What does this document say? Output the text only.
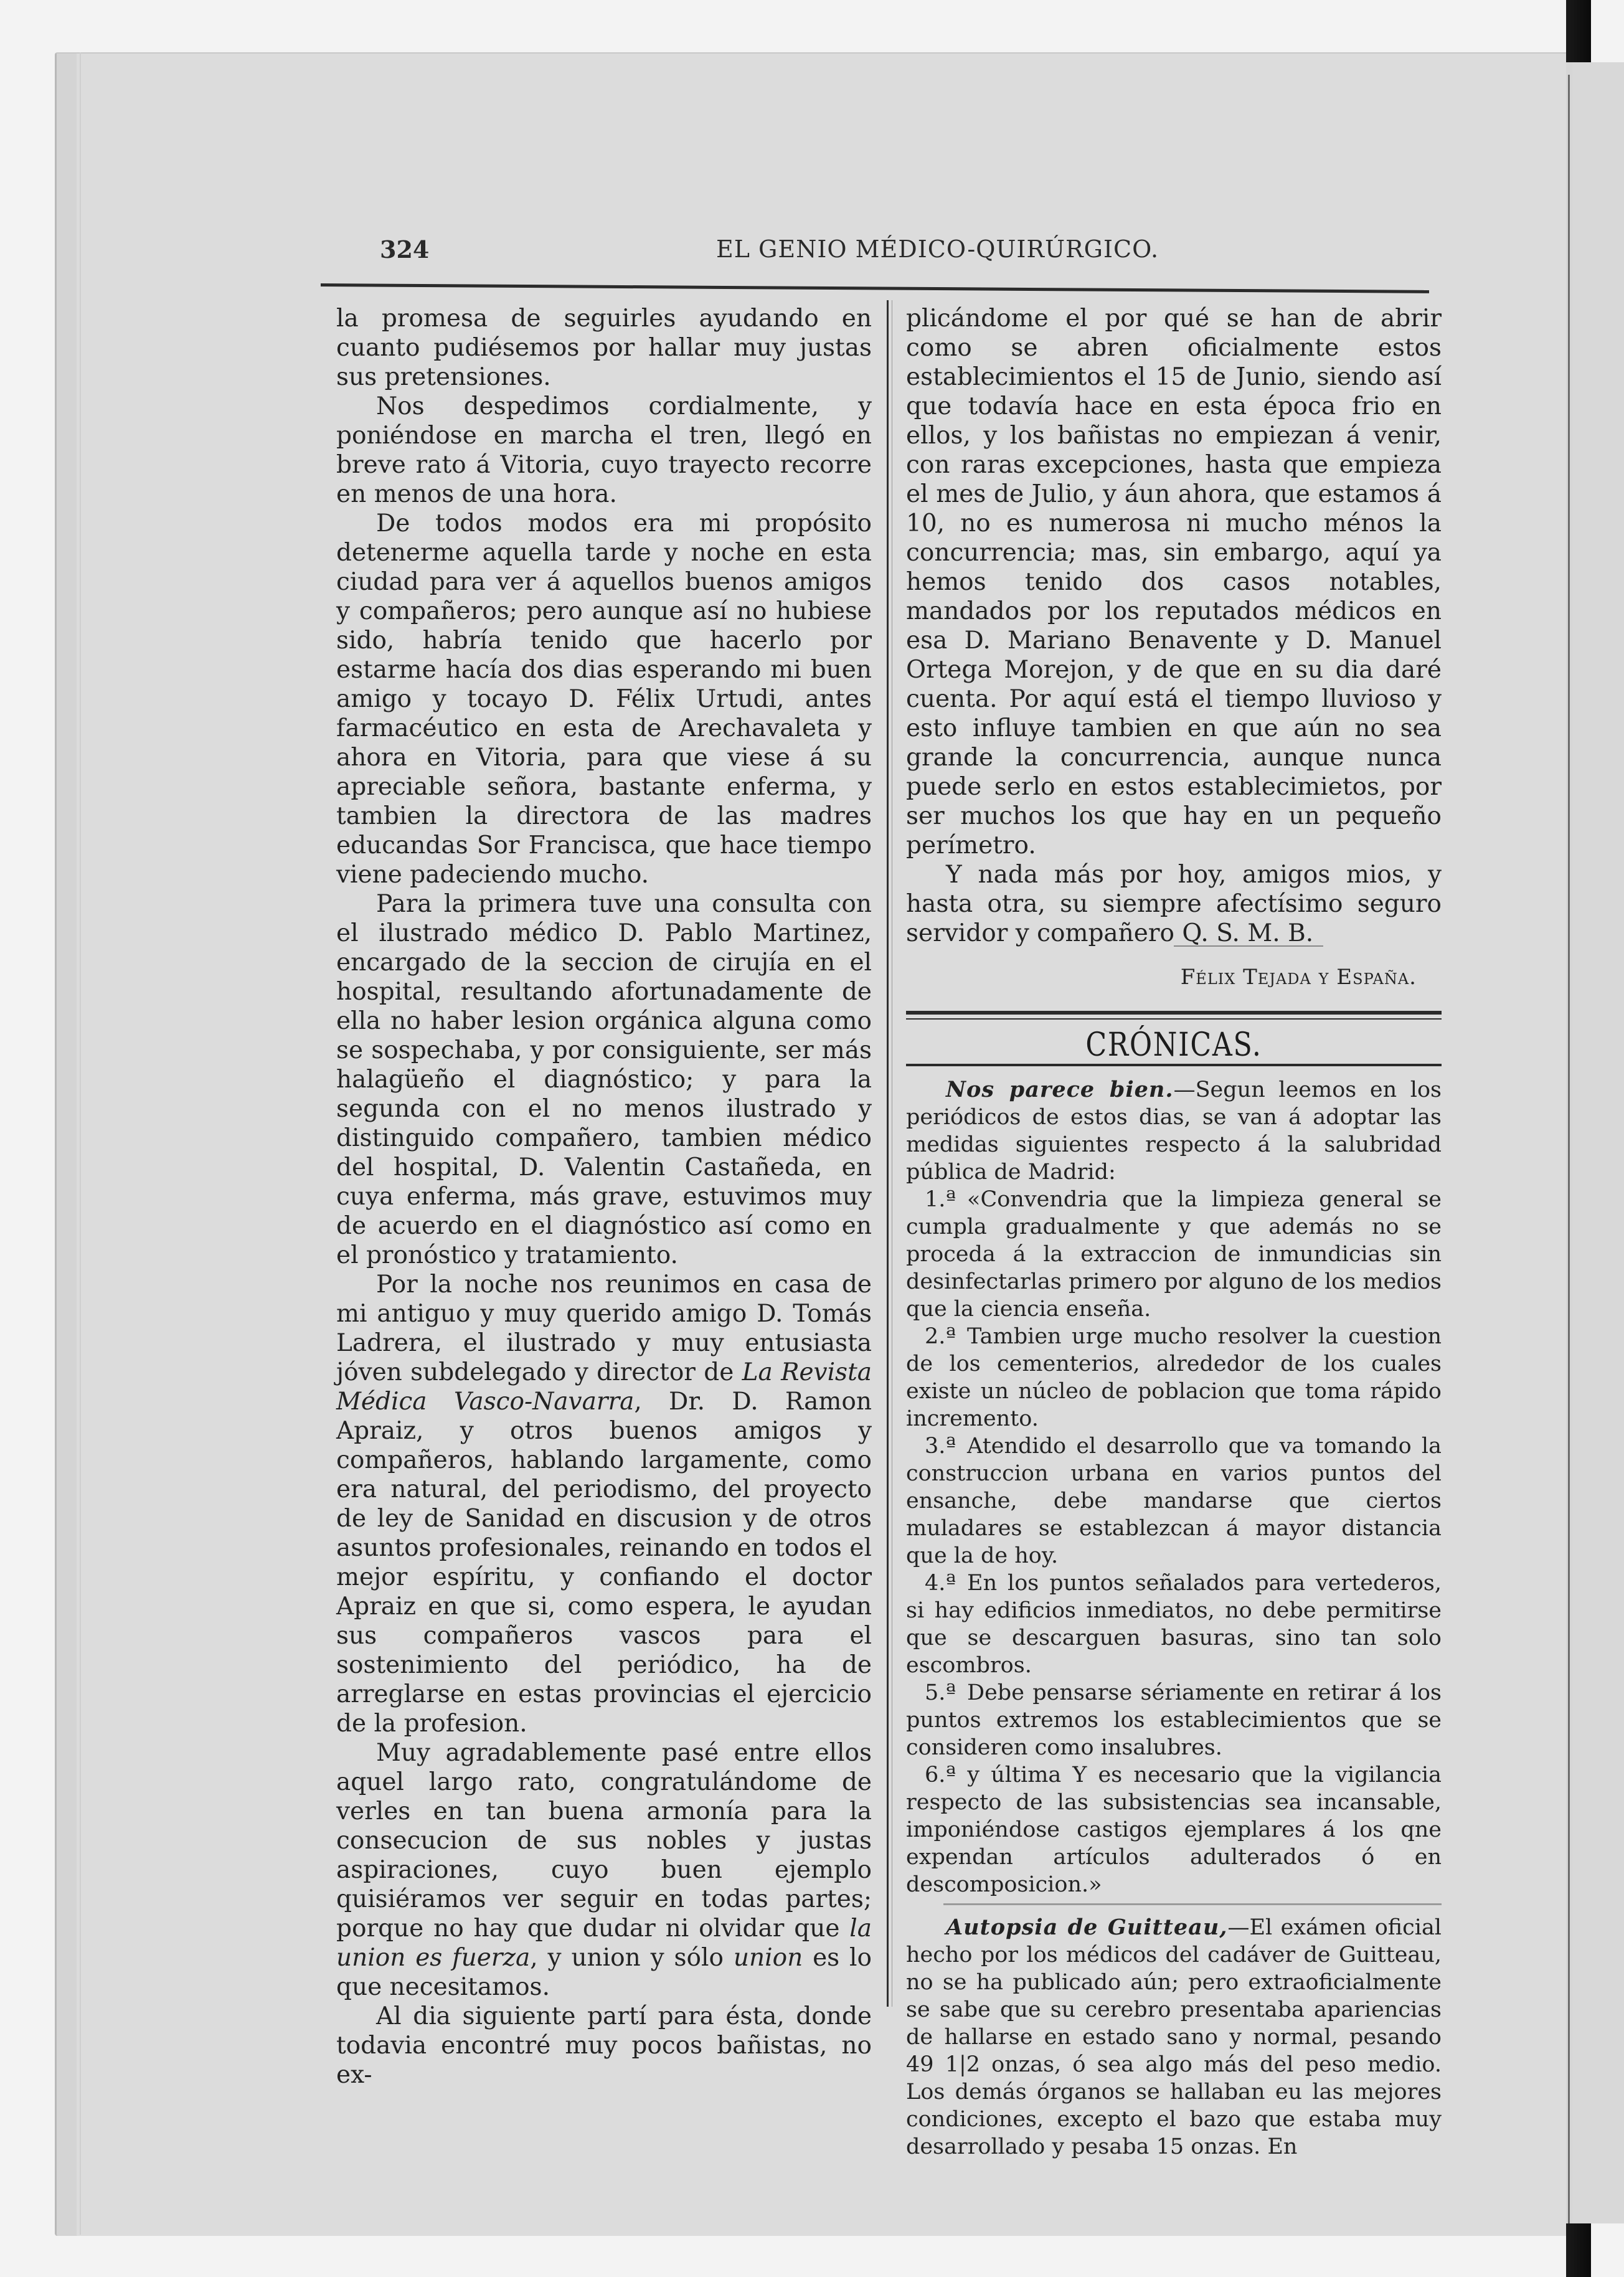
324	EL GENIO MÉDICO-QUIRÚRGICO.

la promesa de seguirles ayudando en cuanto pudiésemos por hallar muy justas sus pretensiones.

Nos despedimos cordialmente, y poniéndose en marcha el tren, llegó en breve rato á Vitoria, cuyo trayecto recorre en menos de una hora.

De todos modos era mi propósito detenerme aquella tarde y noche en esta ciudad para ver á aquellos buenos amigos y compañeros; pero aunque así no hubiese sido, habría tenido que hacerlo por estarme hacía dos dias esperando mi buen amigo y tocayo D. Félix Urtudi, antes farmacéutico en esta de Arechavaleta y ahora en Vitoria, para que viese á su apreciable señora, bastante enferma, y tambien la directora de las madres educandas Sor Francisca, que hace tiempo viene padeciendo mucho.

Para la primera tuve una consulta con el ilustrado médico D. Pablo Martinez, encargado de la seccion de cirujía en el hospital, resultando afortunadamente de ella no haber lesion orgánica alguna como se sospechaba, y por consiguiente, ser más halagüeño el diagnóstico; y para la segunda con el no menos ilustrado y distinguido compañero, tambien médico del hospital, D. Valentin Castañeda, en cuya enferma, más grave, estuvimos muy de acuerdo en el diagnóstico así como en el pronóstico y tratamiento.

Por la noche nos reunimos en casa de mi antiguo y muy querido amigo D. Tomás Ladrera, el ilustrado y muy entusiasta jóven subdelegado y director de La Revista Médica Vasco-Navarra, Dr. D. Ramon Apraiz, y otros buenos amigos y compañeros, hablando largamente, como era natural, del periodismo, del proyecto de ley de Sanidad en discusion y de otros asuntos profesionales, reinando en todos el mejor espíritu, y confiando el doctor Apraiz en que si, como espera, le ayudan sus compañeros vascos para el sostenimiento del periódico, ha de arreglarse en estas provincias el ejercicio de la profesion.

Muy agradablemente pasé entre ellos aquel largo rato, congratulándome de verles en tan buena armonía para la consecucion de sus nobles y justas aspiraciones, cuyo buen ejemplo quisiéramos ver seguir en todas partes; porque no hay que dudar ni olvidar que la union es fuerza, y union y sólo union es lo que necesitamos.

Al dia siguiente partí para ésta, donde todavia encontré muy pocos bañistas, no ex-

plicándome el por qué se han de abrir como se abren oficialmente estos establecimientos el 15 de Junio, siendo así que todavía hace en esta época frio en ellos, y los bañistas no empiezan á venir, con raras excepciones, hasta que empieza el mes de Julio, y áun ahora, que estamos á 10, no es numerosa ni mucho ménos la concurrencia; mas, sin embargo, aquí ya hemos tenido dos casos notables, mandados por los reputados médicos en esa D. Mariano Benavente y D. Manuel Ortega Morejon, y de que en su dia daré cuenta. Por aquí está el tiempo lluvioso y esto influye tambien en que aún no sea grande la concurrencia, aunque nunca puede serlo en estos establecimietos, por ser muchos los que hay en un pequeño perímetro.

Y nada más por hoy, amigos mios, y hasta otra, su siempre afectísimo seguro servidor y compañero Q. S. M. B.

Félix Tejada y España.
CRÓNICAS.

Nos parece bien.—Segun leemos en los periódicos de estos dias, se van á adoptar las medidas siguientes respecto á la salubridad pública de Madrid:

1.ª «Convendria que la limpieza general se cumpla gradualmente y que además no se proceda á la extraccion de inmundicias sin desinfectarlas primero por alguno de los medios que la ciencia enseña.

2.ª Tambien urge mucho resolver la cuestion de los cementerios, alrededor de los cuales existe un núcleo de poblacion que toma rápido incremento.

3.ª Atendido el desarrollo que va tomando la construccion urbana en varios puntos del ensanche, debe mandarse que ciertos muladares se establezcan á mayor distancia que la de hoy.

4.ª En los puntos señalados para vertederos, si hay edificios inmediatos, no debe permitirse que se descarguen basuras, sino tan solo escombros.

5.ª Debe pensarse sériamente en retirar á los puntos extremos los establecimientos que se consideren como insalubres.

6.ª y última Y es necesario que la vigilancia respecto de las subsistencias sea incansable, imponiéndose castigos ejemplares á los qne expendan artículos adulterados ó en descomposicion.»

Autopsia de Guitteau,—El exámen oficial hecho por los médicos del cadáver de Guitteau, no se ha publicado aún; pero extraoficialmente se sabe que su cerebro presentaba apariencias de hallarse en estado sano y normal, pesando 49 1|2 onzas, ó sea algo más del peso medio. Los demás órganos se hallaban eu las mejores condiciones, excepto el bazo que estaba muy desarrollado y pesaba 15 onzas. En
